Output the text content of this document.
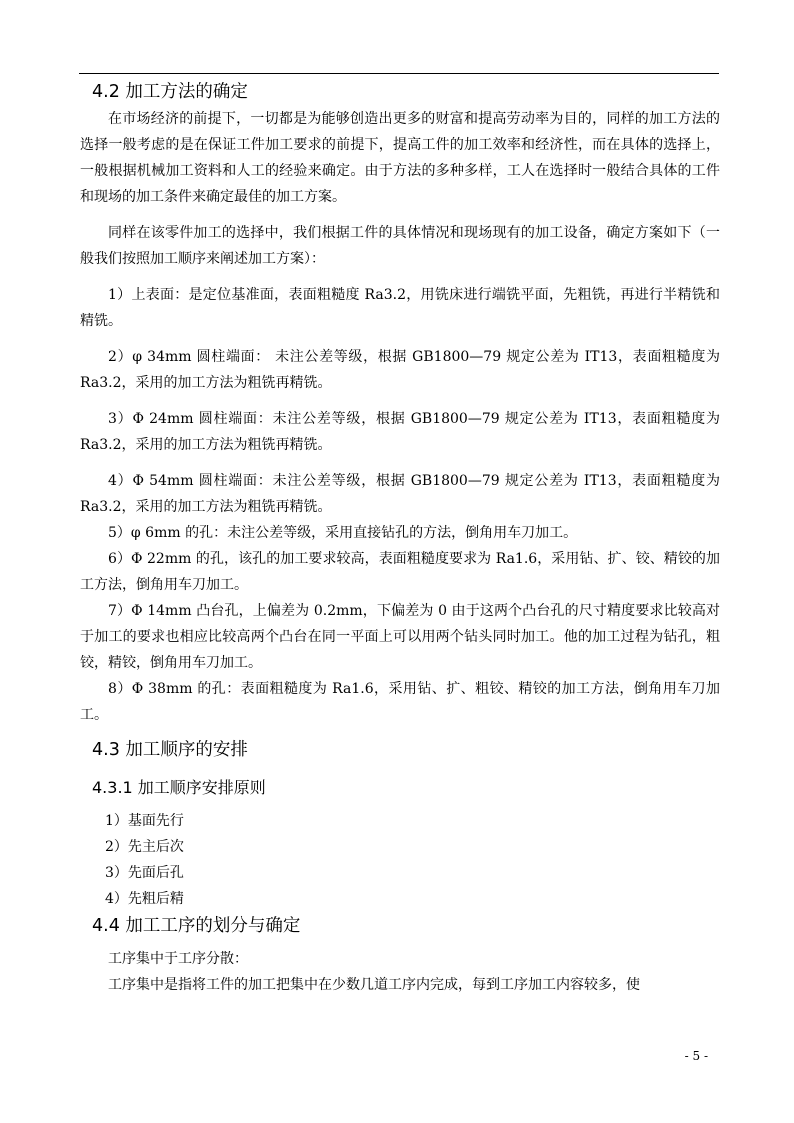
4.2 加工方法的确定

在市场经济的前提下，一切都是为能够创造出更多的财富和提高劳动率为目的，同样的加工方法的选择一般考虑的是在保证工件加工要求的前提下，提高工件的加工效率和经济性，而在具体的选择上，一般根据机械加工资料和人工的经验来确定。由于方法的多种多样，工人在选择时一般结合具体的工件和现场的加工条件来确定最佳的加工方案。

同样在该零件加工的选择中，我们根据工件的具体情况和现场现有的加工设备，确定方案如下（一般我们按照加工顺序来阐述加工方案）：

1）上表面：是定位基准面，表面粗糙度 Ra3.2，用铣床进行端铣平面，先粗铣，再进行半精铣和精铣。

2）φ 34mm 圆柱端面： 未注公差等级，根据 GB1800—79 规定公差为 IT13，表面粗糙度为 Ra3.2，采用的加工方法为粗铣再精铣。

3）Φ 24mm 圆柱端面：未注公差等级，根据 GB1800—79 规定公差为 IT13，表面粗糙度为 Ra3.2，采用的加工方法为粗铣再精铣。

4）Φ 54mm 圆柱端面：未注公差等级，根据 GB1800—79 规定公差为 IT13，表面粗糙度为 Ra3.2，采用的加工方法为粗铣再精铣。

5）φ 6mm 的孔：未注公差等级，采用直接钻孔的方法，倒角用车刀加工。

6）Φ 22mm 的孔，该孔的加工要求较高，表面粗糙度要求为 Ra1.6，采用钻、扩、铰、精铰的加工方法，倒角用车刀加工。

7）Φ 14mm 凸台孔，上偏差为 0.2mm，下偏差为 0 由于这两个凸台孔的尺寸精度要求比较高对于加工的要求也相应比较高两个凸台在同一平面上可以用两个钻头同时加工。他的加工过程为钻孔，粗铰，精铰，倒角用车刀加工。

8）Φ 38mm 的孔：表面粗糙度为 Ra1.6，采用钻、扩、粗铰、精铰的加工方法，倒角用车刀加工。

4.3 加工顺序的安排
4.3.1 加工顺序安排原则
1）基面先行
2）先主后次
3）先面后孔
4）先粗后精
4.4 加工工序的划分与确定

工序集中于工序分散：

工序集中是指将工件的加工把集中在少数几道工序内完成，每到工序加工内容较多，使

- 5 -
